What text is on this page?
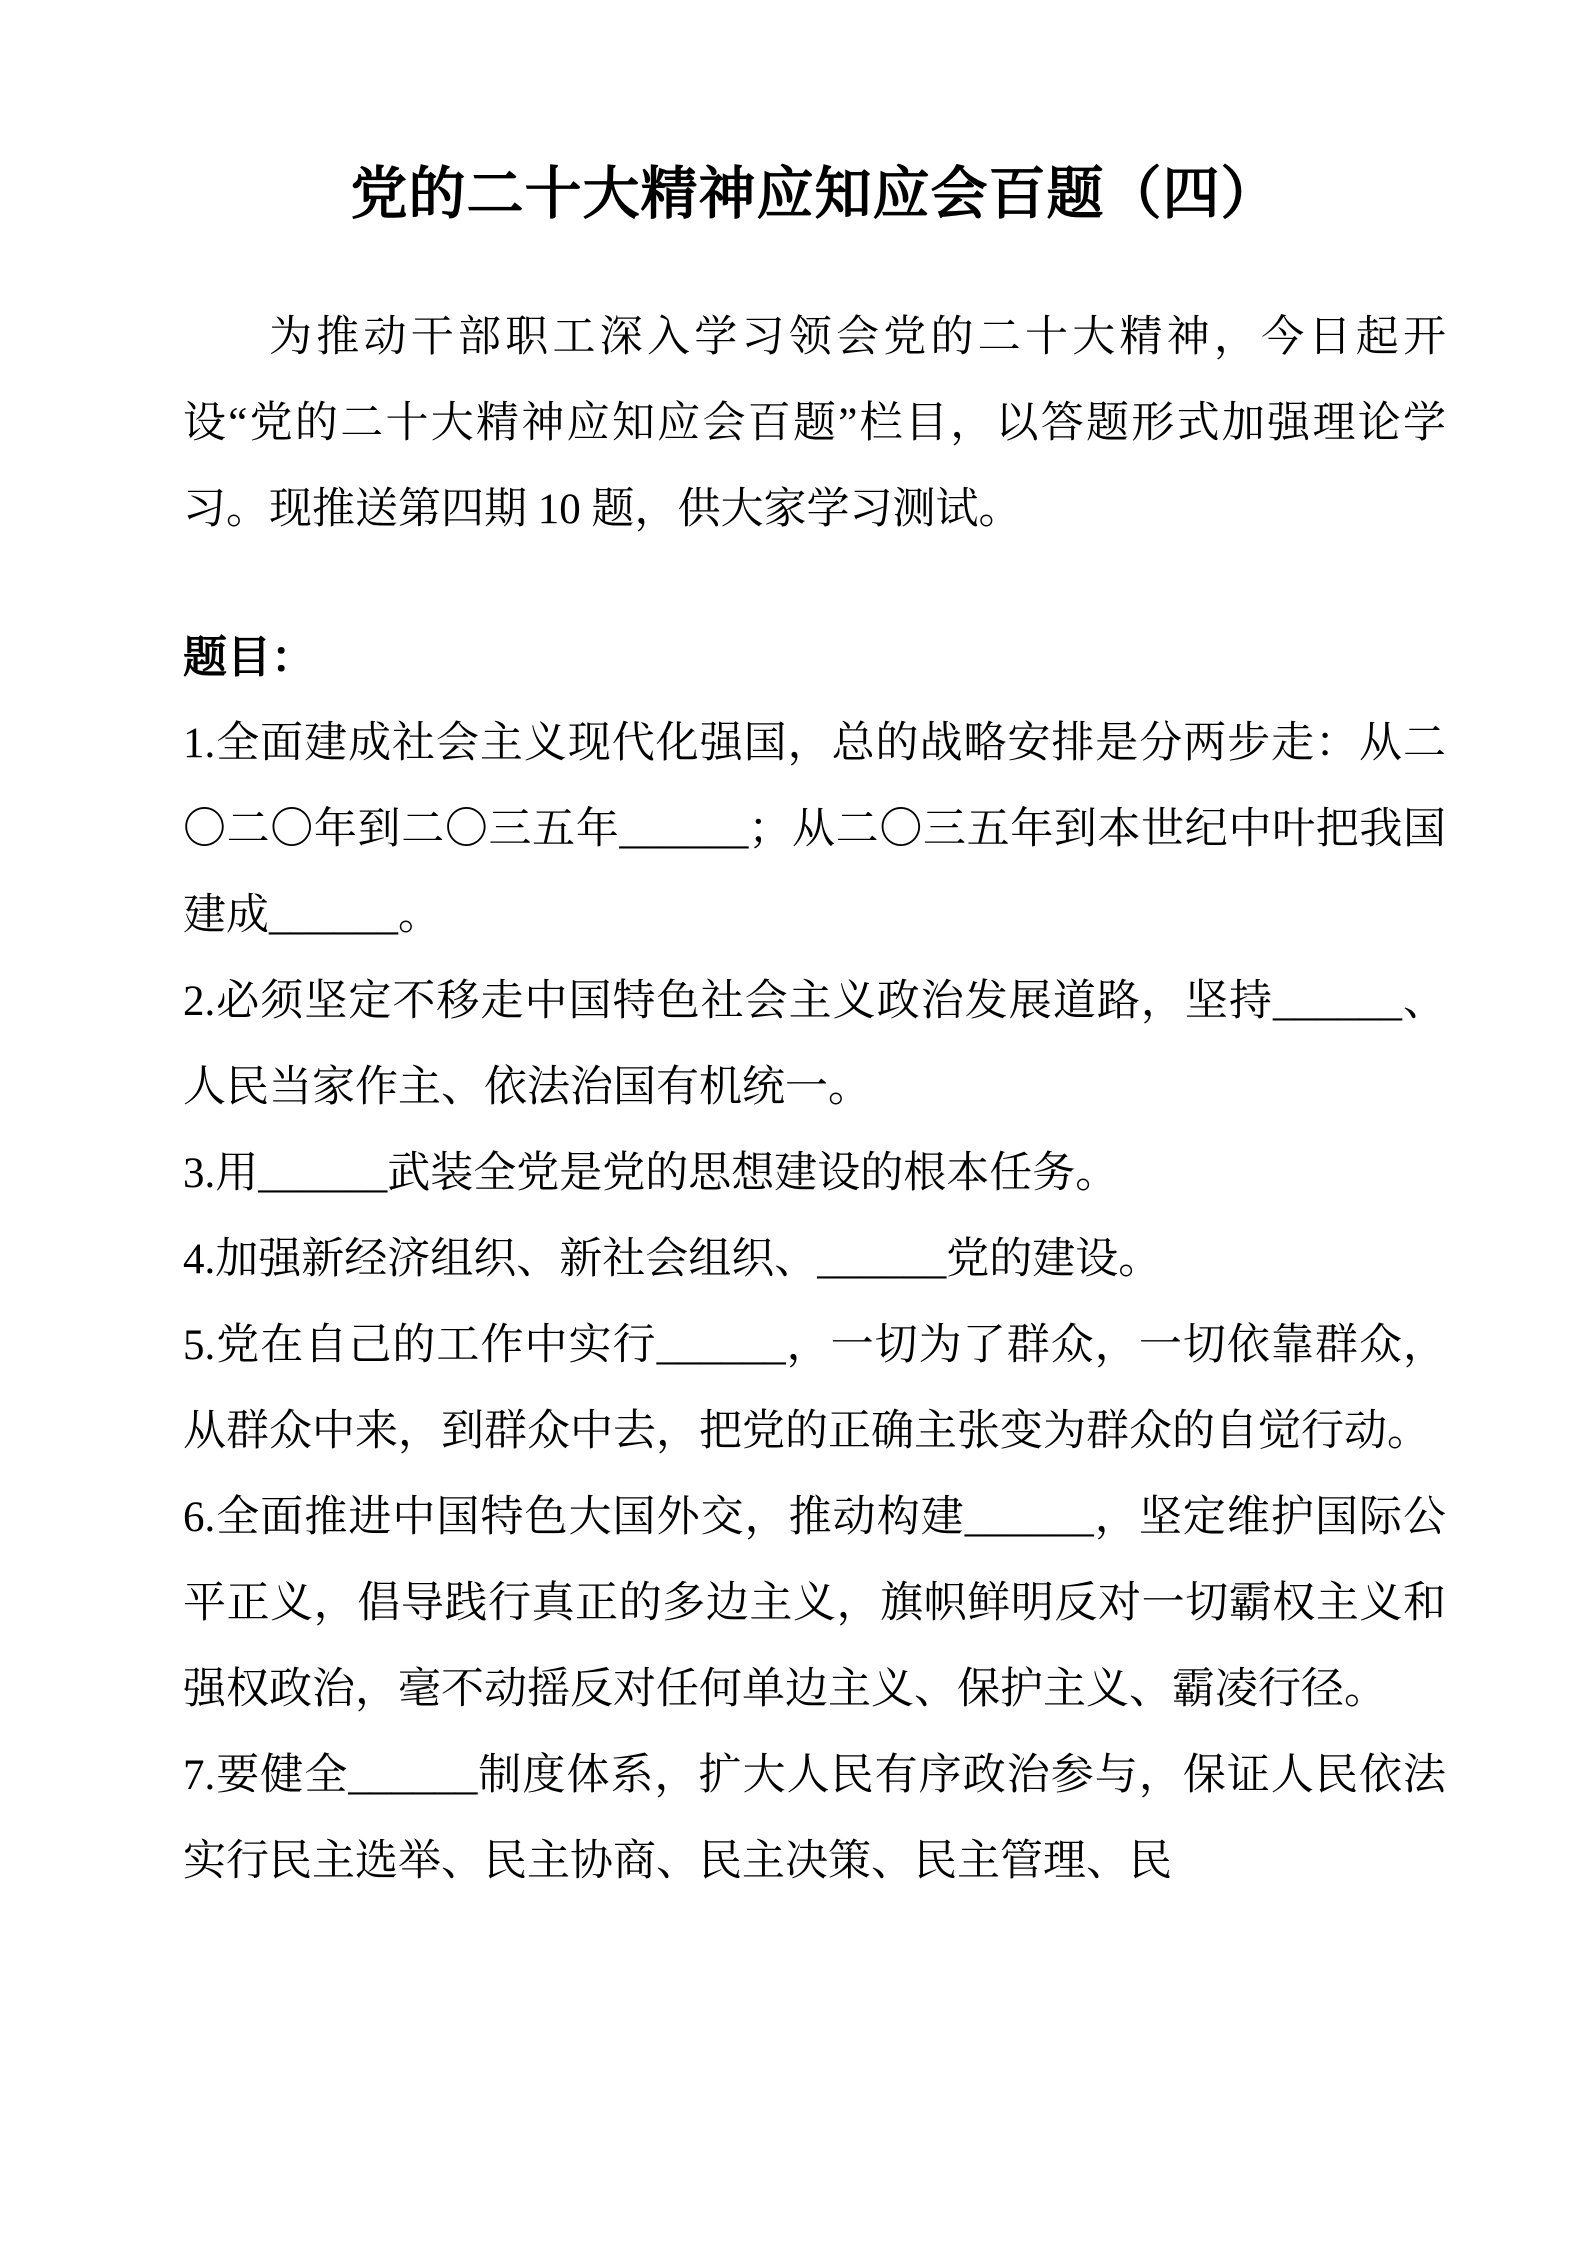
党的二十大精神应知应会百题（四）

为推动干部职工深入学习领会党的二十大精神，今日起开设“党的二十大精神应知应会百题”栏目，以答题形式加强理论学习。现推送第四期 10 题，供大家学习测试。

题目：

1.全面建成社会主义现代化强国，总的战略安排是分两步走：从二〇二〇年到二〇三五年______；从二〇三五年到本世纪中叶把我国建成______。

2.必须坚定不移走中国特色社会主义政治发展道路，坚持______、人民当家作主、依法治国有机统一。

3.用______武装全党是党的思想建设的根本任务。

4.加强新经济组织、新社会组织、______党的建设。

5.党在自己的工作中实行______，一切为了群众，一切依靠群众，从群众中来，到群众中去，把党的正确主张变为群众的自觉行动。

6.全面推进中国特色大国外交，推动构建______，坚定维护国际公平正义，倡导践行真正的多边主义，旗帜鲜明反对一切霸权主义和强权政治，毫不动摇反对任何单边主义、保护主义、霸凌行径。

7.要健全______制度体系，扩大人民有序政治参与，保证人民依法实行民主选举、民主协商、民主决策、民主管理、民
